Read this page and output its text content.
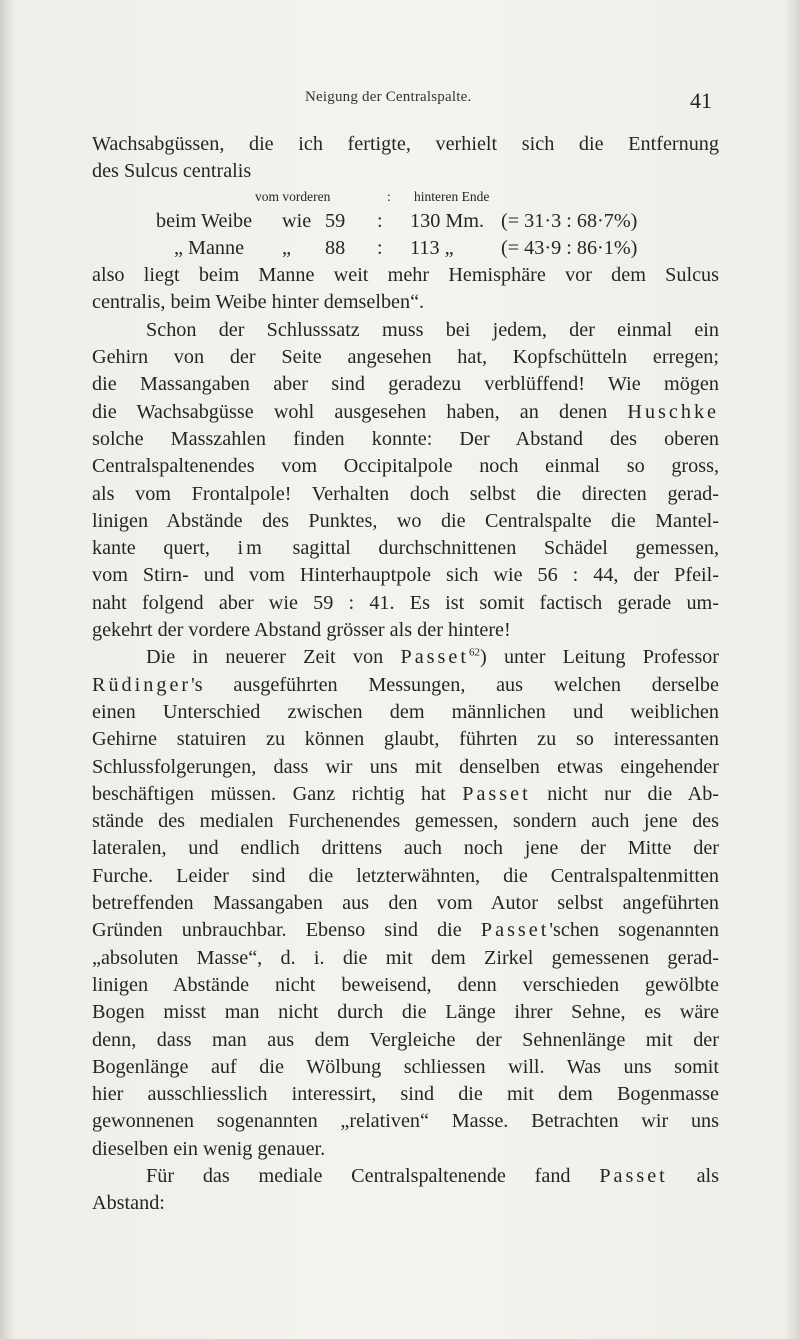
Neigung der Centralspalte.	41
Wachsabgüssen, die ich fertigte, verhielt sich die Entfernung
des Sulcus centralis
vom vorderen	: hinteren Ende
beim Weibe wie 59 : 130 Mm. (= 31·3 : 68·7%)
„ Manne „ 88 : 113 „ (= 43·9 : 86·1%)
also liegt beim Manne weit mehr Hemisphäre vor dem Sulcus
centralis, beim Weibe hinter demselben“.
Schon der Schlusssatz muss bei jedem, der einmal ein
Gehirn von der Seite angesehen hat, Kopfschütteln erregen;
die Massangaben aber sind geradezu verblüffend! Wie mögen
die Wachsabgüsse wohl ausgesehen haben, an denen Huschke
solche Masszahlen finden konnte: Der Abstand des oberen
Centralspaltenendes vom Occipitalpole noch einmal so gross,
als vom Frontalpole! Verhalten doch selbst die directen gerad-
linigen Abstände des Punktes, wo die Centralspalte die Mantel-
kante quert, im sagittal durchschnittenen Schädel gemessen,
vom Stirn- und vom Hinterhauptpole sich wie 56 : 44, der Pfeil-
naht folgend aber wie 59 : 41. Es ist somit factisch gerade um-
gekehrt der vordere Abstand grösser als der hintere!
Die in neuerer Zeit von Passet$^{62}$) unter Leitung Professor
Rüdinger's ausgeführten Messungen, aus welchen derselbe
einen Unterschied zwischen dem männlichen und weiblichen
Gehirne statuiren zu können glaubt, führten zu so interessanten
Schlussfolgerungen, dass wir uns mit denselben etwas eingehender
beschäftigen müssen. Ganz richtig hat Passet nicht nur die Ab-
stände des medialen Furchenendes gemessen, sondern auch jene des
lateralen, und endlich drittens auch noch jene der Mitte der
Furche. Leider sind die letzterwähnten, die Centralspaltenmitten
betreffenden Massangaben aus den vom Autor selbst angeführten
Gründen unbrauchbar. Ebenso sind die Passet'schen sogenannten
„absoluten Masse“, d. i. die mit dem Zirkel gemessenen gerad-
linigen Abstände nicht beweisend, denn verschieden gewölbte
Bogen misst man nicht durch die Länge ihrer Sehne, es wäre
denn, dass man aus dem Vergleiche der Sehnenlänge mit der
Bogenlänge auf die Wölbung schliessen will. Was uns somit
hier ausschliesslich interessirt, sind die mit dem Bogenmasse
gewonnenen sogenannten „relativen“ Masse. Betrachten wir uns
dieselben ein wenig genauer.
Für das mediale Centralspaltenende fand Passet als
Abstand:
